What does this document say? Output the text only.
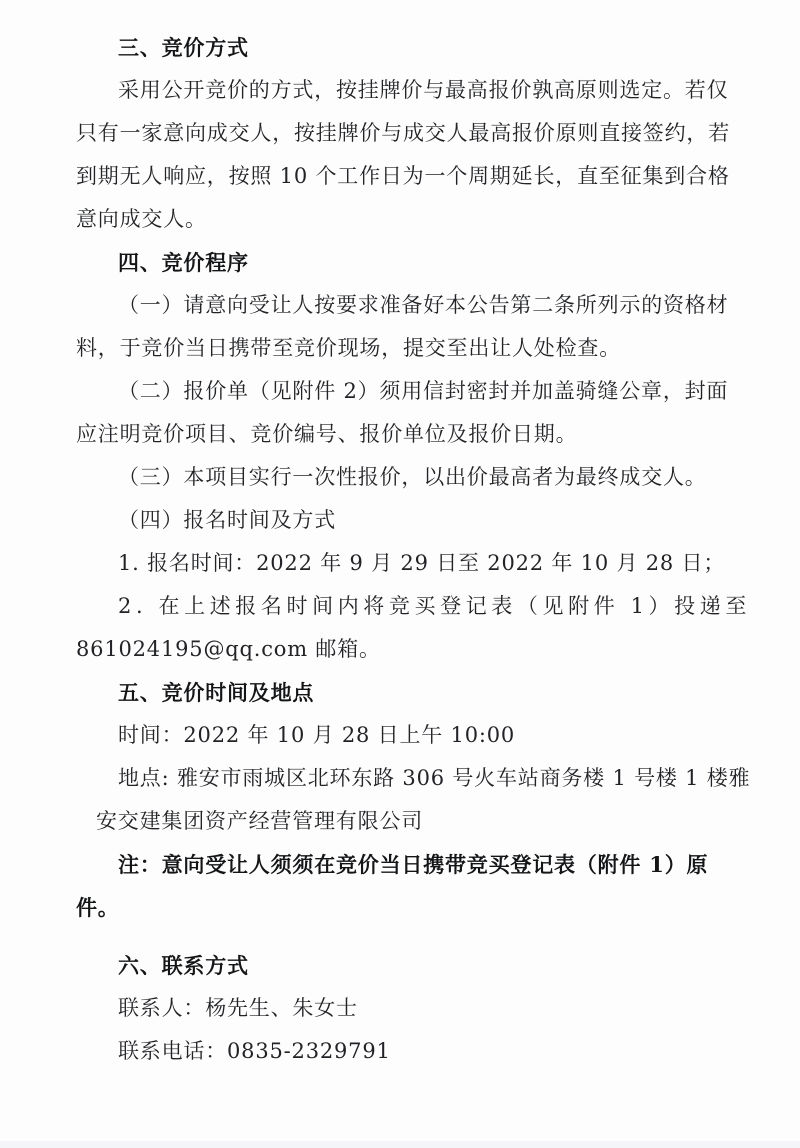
三、竞价方式
采用公开竞价的方式，按挂牌价与最高报价孰高原则选定。若仅
只有一家意向成交人，按挂牌价与成交人最高报价原则直接签约，若
到期无人响应，按照 10 个工作日为一个周期延长，直至征集到合格
意向成交人。
四、竞价程序
（一）请意向受让人按要求准备好本公告第二条所列示的资格材
料，于竞价当日携带至竞价现场，提交至出让人处检查。
（二）报价单（见附件 2）须用信封密封并加盖骑缝公章，封面
应注明竞价项目、竞价编号、报价单位及报价日期。
（三）本项目实行一次性报价，以出价最高者为最终成交人。
（四）报名时间及方式
1. 报名时间：2022 年 9 月 29 日至 2022 年 10 月 28 日；
2. 在上述报名时间内将竞买登记表（见附件 1）投递至
861024195@qq.com 邮箱。
五、竞价时间及地点
时间：2022 年 10 月 28 日上午 10:00
地点: 雅安市雨城区北环东路 306 号火车站商务楼 1 号楼 1 楼雅
安交建集团资产经营管理有限公司
注：意向受让人须须在竞价当日携带竞买登记表（附件 1）原
件。
六、联系方式
联系人：杨先生、朱女士
联系电话：0835-2329791
